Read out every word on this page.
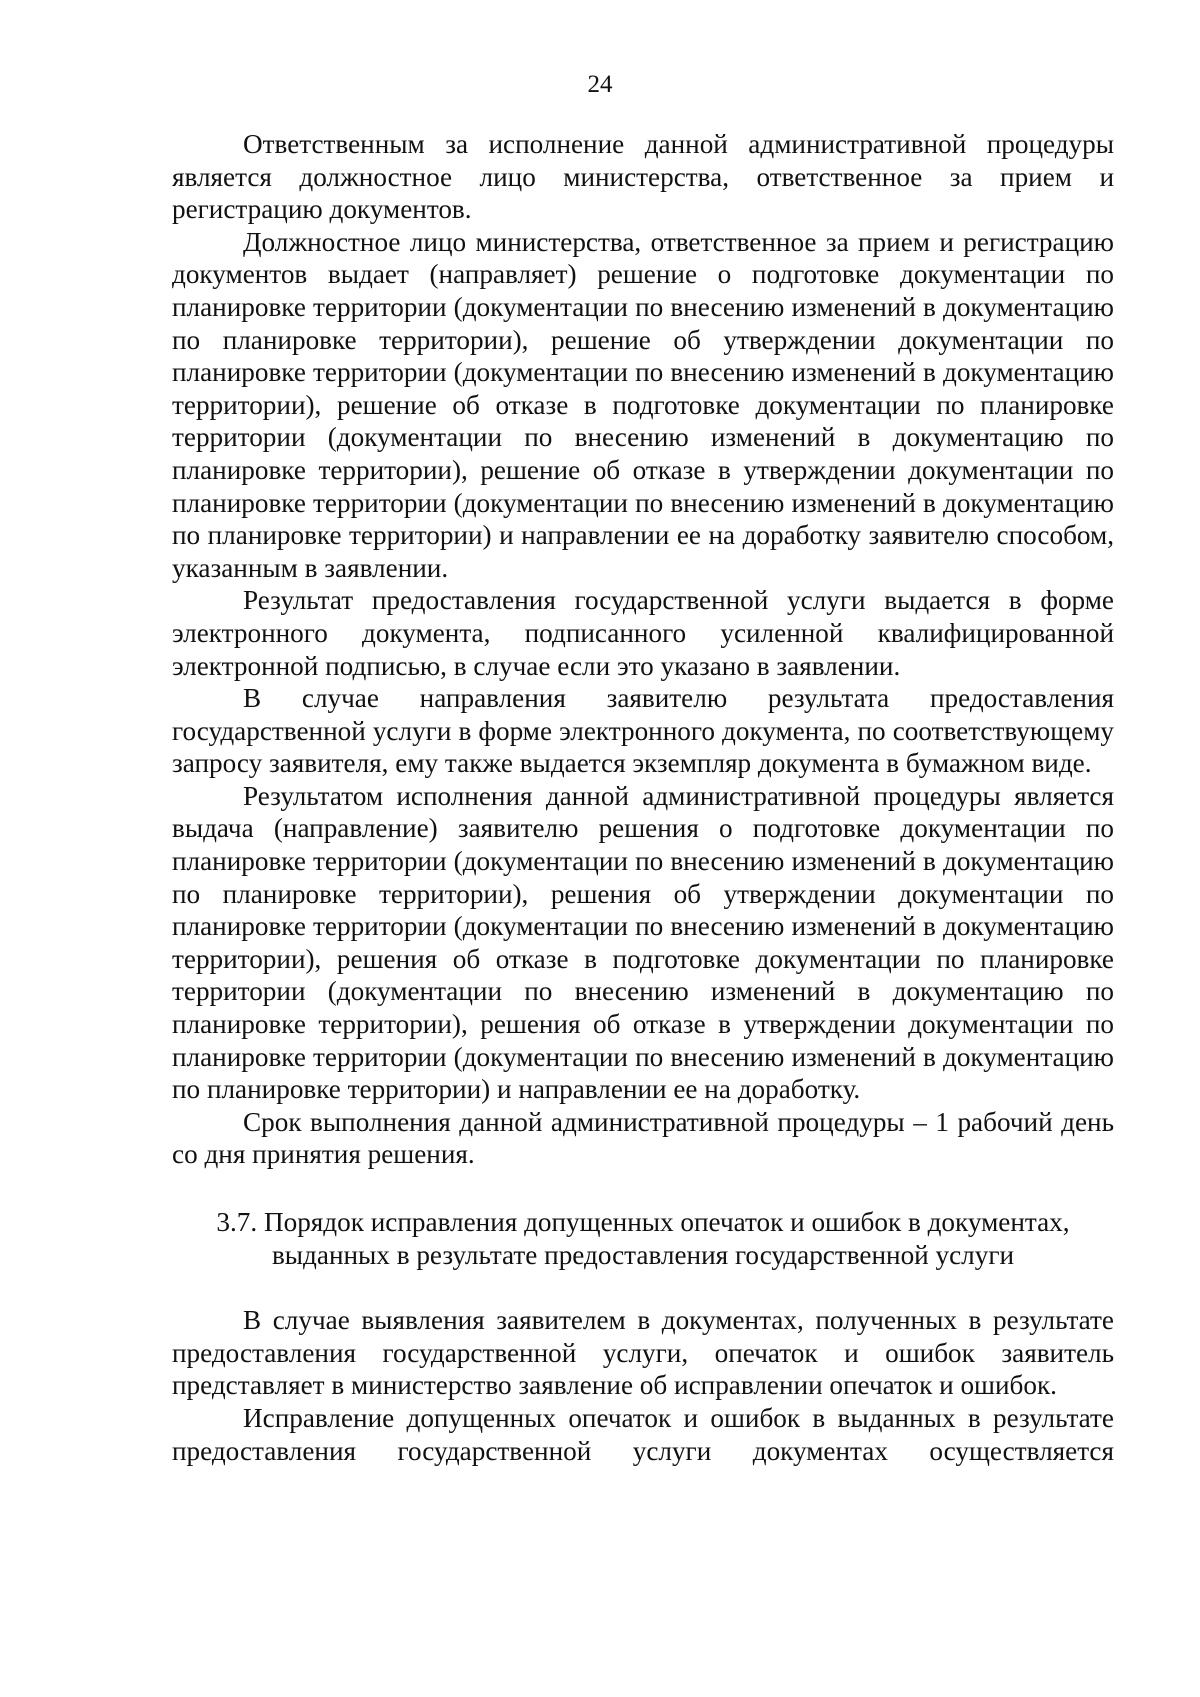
24

Ответственным за исполнение данной административной процедуры является должностное лицо министерства, ответственное за прием и регистрацию документов.

Должностное лицо министерства, ответственное за прием и регистрацию документов выдает (направляет) решение о подготовке документации по планировке территории (документации по внесению изменений в документацию по планировке территории), решение об утверждении документации по планировке территории (документации по внесению изменений в документацию территории), решение об отказе в подготовке документации по планировке территории (документации по внесению изменений в документацию по планировке территории), решение об отказе в утверждении документации по планировке территории (документации по внесению изменений в документацию по планировке территории) и направлении ее на доработку заявителю способом, указанным в заявлении.

Результат предоставления государственной услуги выдается в форме электронного документа, подписанного усиленной квалифицированной электронной подписью, в случае если это указано в заявлении.

В случае направления заявителю результата предоставления государственной услуги в форме электронного документа, по соответствующему запросу заявителя, ему также выдается экземпляр документа в бумажном виде.

Результатом исполнения данной административной процедуры является выдача (направление) заявителю решения о подготовке документации по планировке территории (документации по внесению изменений в документацию по планировке территории), решения об утверждении документации по планировке территории (документации по внесению изменений в документацию территории), решения об отказе в подготовке документации по планировке территории (документации по внесению изменений в документацию по планировке территории), решения об отказе в утверждении документации по планировке территории (документации по внесению изменений в документацию по планировке территории) и направлении ее на доработку.

Срок выполнения данной административной процедуры – 1 рабочий день со дня принятия решения.

3.7. Порядок исправления допущенных опечаток и ошибок в документах,
выданных в результате предоставления государственной услуги

В случае выявления заявителем в документах, полученных в результате предоставления государственной услуги, опечаток и ошибок заявитель представляет в министерство заявление об исправлении опечаток и ошибок.

Исправление допущенных опечаток и ошибок в выданных в результате предоставления государственной услуги документах осуществляется
